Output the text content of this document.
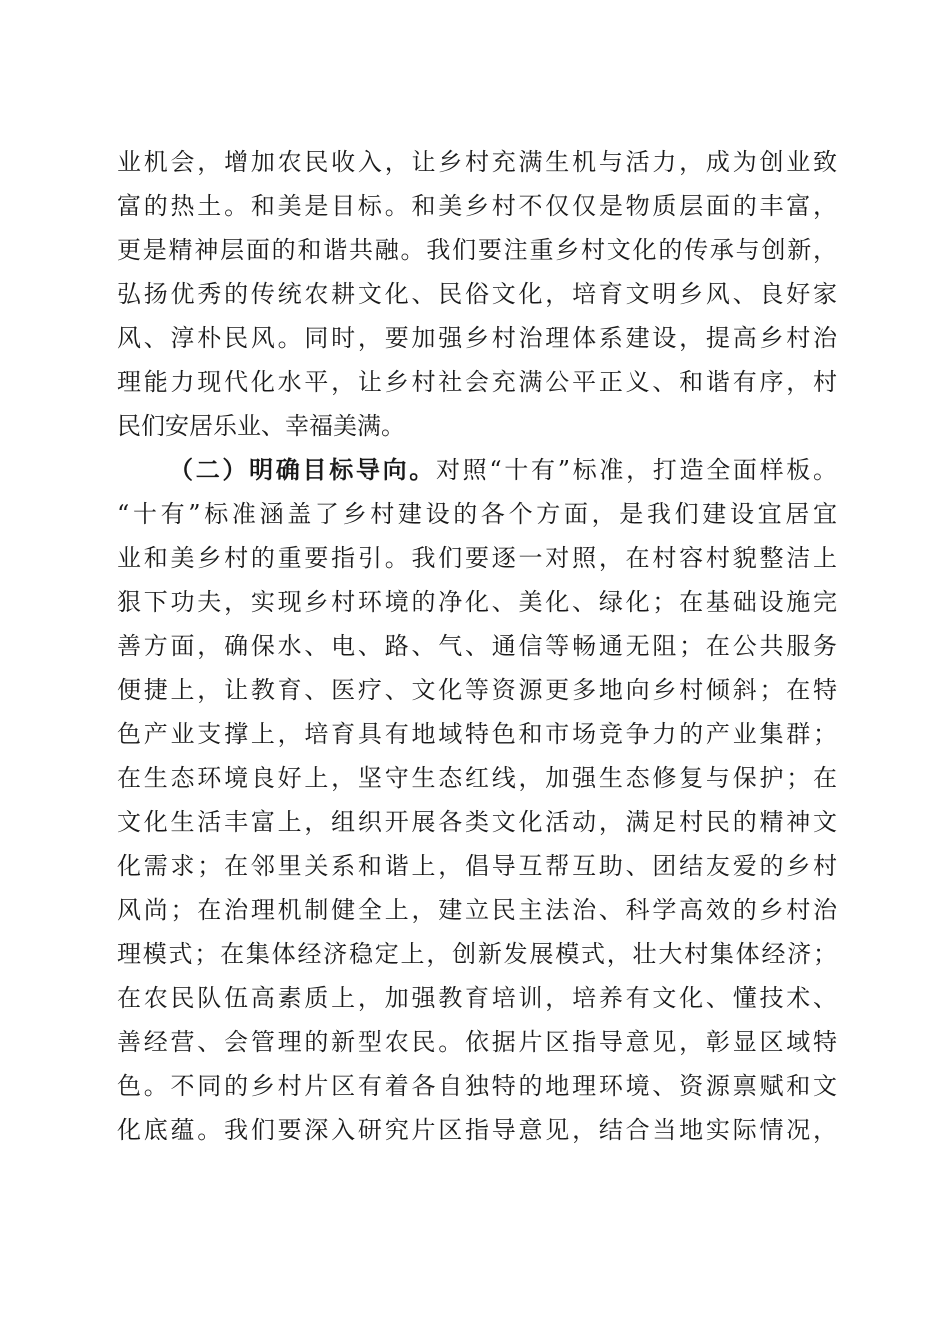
业机会，增加农民收入，让乡村充满生机与活力，成为创业致
富的热土。和美是目标。和美乡村不仅仅是物质层面的丰富，
更是精神层面的和谐共融。我们要注重乡村文化的传承与创新，
弘扬优秀的传统农耕文化、民俗文化，培育文明乡风、良好家
风、淳朴民风。同时，要加强乡村治理体系建设，提高乡村治
理能力现代化水平，让乡村社会充满公平正义、和谐有序，村
民们安居乐业、幸福美满。
（二）明确目标导向。对照“十有”标准，打造全面样板。
“十有”标准涵盖了乡村建设的各个方面，是我们建设宜居宜
业和美乡村的重要指引。我们要逐一对照，在村容村貌整洁上
狠下功夫，实现乡村环境的净化、美化、绿化；在基础设施完
善方面，确保水、电、路、气、通信等畅通无阻；在公共服务
便捷上，让教育、医疗、文化等资源更多地向乡村倾斜；在特
色产业支撑上，培育具有地域特色和市场竞争力的产业集群；
在生态环境良好上，坚守生态红线，加强生态修复与保护；在
文化生活丰富上，组织开展各类文化活动，满足村民的精神文
化需求；在邻里关系和谐上，倡导互帮互助、团结友爱的乡村
风尚；在治理机制健全上，建立民主法治、科学高效的乡村治
理模式；在集体经济稳定上，创新发展模式，壮大村集体经济；
在农民队伍高素质上，加强教育培训，培养有文化、懂技术、
善经营、会管理的新型农民。依据片区指导意见，彰显区域特
色。不同的乡村片区有着各自独特的地理环境、资源禀赋和文
化底蕴。我们要深入研究片区指导意见，结合当地实际情况，
